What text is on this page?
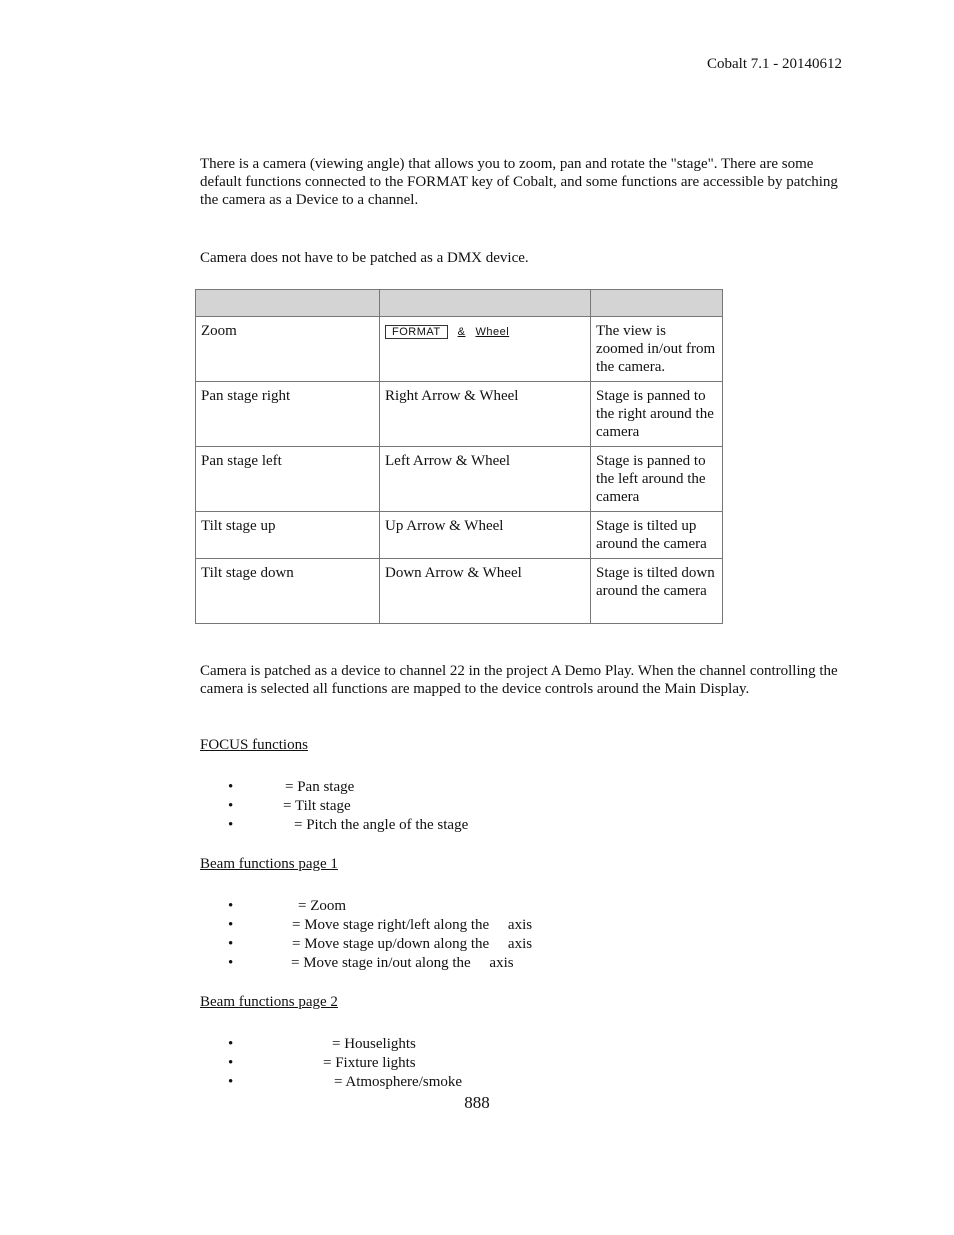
Cobalt 7.1 - 20140612
There is a camera (viewing angle) that allows you to zoom, pan and rotate the "stage". There are some default functions connected to the FORMAT key of Cobalt, and some functions are accessible by patching the camera as a Device to a channel.
Camera does not have to be patched as a DMX device.

Zoom	FORMAT & Wheel	The view is zoomed in/out from the camera.
Pan stage right	Right Arrow & Wheel	Stage is panned to the right around the camera
Pan stage left	Left Arrow & Wheel	Stage is panned to the left around the camera
Tilt stage up	Up Arrow & Wheel	Stage is tilted up around the camera
Tilt stage down	Down Arrow & Wheel	Stage is tilted down around the camera
Camera is patched as a device to channel 22 in the project A Demo Play. When the channel controlling the camera is selected all functions are mapped to the device controls around the Main Display.
FOCUS functions
•	= Pan stage
•	= Tilt stage
•	= Pitch the angle of the stage
Beam functions page 1
•	= Zoom
•	= Move stage right/left along the     axis
•	= Move stage up/down along the     axis
•	= Move stage in/out along the     axis
Beam functions page 2
•	= Houselights
•	= Fixture lights
•	= Atmosphere/smoke
888
